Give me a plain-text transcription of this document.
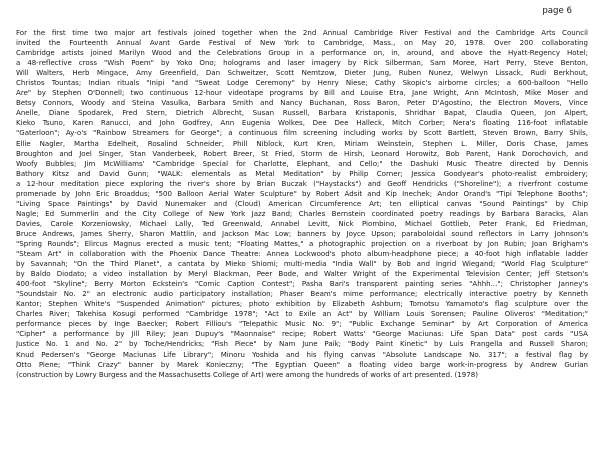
page 6
For the first time two major art festivals joined together when the 2nd Annual Cambridge River Festival and the Cambridge Arts Council
invited the Fourteenth Annual Avant Garde Festival of New York to Cambridge, Mass., on May 20, 1978. Over 200 collaborating
Cambridge artists joined Marilyn Wood and the Celebrations Group in a performance on, in, around, and above the Hyatt-Regency Hotel;
a 48-reflective cross "Wish Poem" by Yoko Ono; holograms and laser imagery by Rick Silberman, Sam Moree, Hart Perry, Steve Benton,
Will Walters, Herb Mingace, Amy Greenfield, Dan Schweitzer, Scott Nemtzow, Dieter Jung, Ruben Nunez, Welwyn Lissack, Rudi Berkhout,
Christos Tountas; Indian rituals "Inipi "and "Sweat Lodge Ceremony" by Henry Niese; Cathy Skopic's airborne circles; a 600-balloon "Hello
Are" by Stephen O'Donnell; two continuous 12-hour videotape programs by Bill and Louise Etra, Jane Wright, Ann McIntosh, Mike Moser and
Betsy Connors, Woody and Steina Vasulka, Barbara Smith and Nancy Buchanan, Ross Baron, Peter D'Agostino, the Electron Movers, Vince
Anelle, Diane Spodarek, Fred Stern, Dietrich Albrecht, Susan Russell, Barbara Kristaponis, Shridhar Bapat, Claudia Queen, Jon Alpert,
Kieko Tsuno, Karen Ranucci, and John Godfrey, Ann Eugenia Wolkes, Dee Dee Halleck, Mitch Corber; Nera's floating 116-foot inflatable
"Gaterloon"; Ay-o's "Rainbow Streamers for George"; a continuous film screening including works by Scott Bartlett, Steven Brown, Barry Shils,
Ellie Nagler, Martha Edelheit, Rosalind Schneider, Phill Niblock, Kurt Kren, Miriam Weinstein, Stephen L. Miller, Doris Chase, James
Broughton and Joel Singer, Stan Vanderbeek, Robert Breer, St Fried, Storm de Hirsh, Leonard Horowitz, Bob Parent, Hank Dorochovich, and
Woofy Bubbles; Jim McWilliams' "Cambridge Special for Charlotte, Elephant, and Cello;" the Dashuki Music Theatre directed by Dennis
Bathory Kitsz and David Gunn; "WALK: elementals as Metal Meditation" by Philip Corner; Jessica Goodyear's photo-realist embroidery;
a 12-hour meditation piece exploring the river's shore by Brian Buczak ("Haystacks") and Geoff Hendricks ("Shoreline"); a riverfront costume
promenade by John Eric Broaddus; "500 Balloon Aerial Water Sculpture" by Robert Adsit and Kip Inechek; Andor Orand's "Tipi Telephone Booths";
"Living Space Paintings" by David Nunemaker and (Cloud) American Circumference Art; ten elliptical canvas "Sound Paintings" by Chip
Nagle; Ed Summerlin and the City College of New York Jazz Band; Charles Bernstein coordinated poetry readings by Barbara Baracks, Alan
Davies, Carole Korzeniowsky, Michael Lally, Ted Greenwald, Annabel Levitt, Nick Piombino, Michael Gottlieb, Peter Frank, Ed Friedman,
Bruce Andrews, James Sherry, Sharon Mattlin, and Jackson Mac Low; banners by Joyce Upson; paraboloidal sound reflectors in Larry Johnson's
"Spring Rounds"; Elircus Magnus erected a music tent; "Floating Mattes," a photographic projection on a riverboat by Jon Rubin; Joan Brigham's
"Steam Art" in collaboration with the Phoenix Dance Theatre: Annea Lockwood's photo album-headphone piece; a 40-foot high inflatable ladder
by Savannah; "On the Third Planet", a cantata by Mieko Shiomi; multi-media "India Wall" by Bob and Ingrid Wiegand; "World Flag Sculpture"
by Baldo Diodato; a video installation by Meryl Blackman, Peer Bode, and Walter Wright of the Experimental Television Center; Jeff Stetson's
400-foot "Skyline"; Berry Morton Eckstein's "Comic Caption Contest"; Pasha Bari's transparent painting series "Ahhh..."; Christopher Janney's
"Soundstair No. 2" an electronic audio participatory installation; Phaser Beam's mime performance; electrically interactive poetry by Kenneth
Kantor; Stephen White's "Suspended Animation" pictures; photo exhibition by Elizabeth Ashburn; Tomotsu Yamamoto's flag sculpture over the
Charles River; Takehisa Kosugi performed "Cambridge 1978"; "Act to Exile an Act" by William Louis Sorensen; Pauline Oliveros' "Meditation;"
performance pieces by Inge Baecker; Robert Filliou's "Telepathic Music No. 9"; "Public Exchange Seminar" by Art Corporation of America
"Cipher" a performance by Jill Riley; Jean Dupuy's "Maonnaise" recipe; Robert Watts' "George Maciunas: Life Span Data" post cards "USA
Justice No. 1 and No. 2" by Toche/Hendricks; "Fish Piece" by Nam June Paik; "Body Paint Kinetic" by Luis Frangella and Russell Sharon;
Knud Pedersen's "George Maciunas Life Library"; Minoru Yoshida and his flying canvas "Absolute Landscape No. 317"; a festival flag by
Otto Piene; "Think Crazy" banner by Marek Konieczny; "The Egyptian Queen" a floating video barge work-in-progress by Andrew Gurian
(construction by Lowry Burgess and the Massachusetts College of Art) were among the hundreds of works of art presented. (1978)
